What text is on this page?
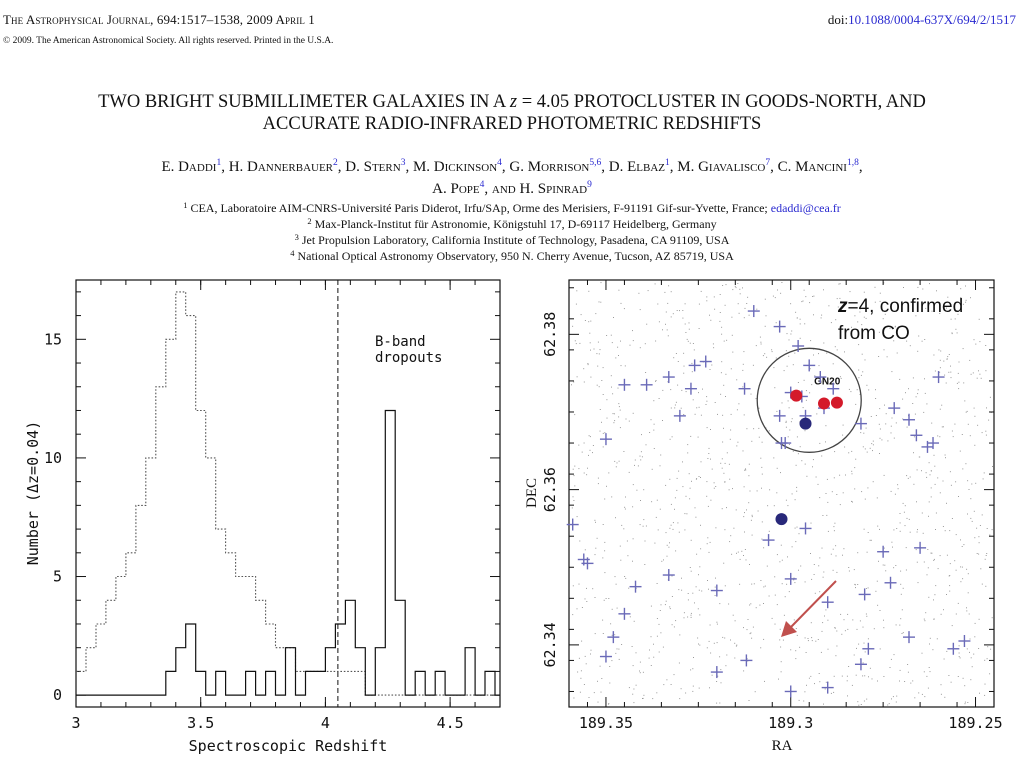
The Astrophysical Journal, 694:1517–1538, 2009 April 1
© 2009. The American Astronomical Society. All rights reserved. Printed in the U.S.A.
doi:10.1088/0004-637X/694/2/1517
TWO BRIGHT SUBMILLIMETER GALAXIES IN A z = 4.05 PROTOCLUSTER IN GOODS-NORTH, AND
ACCURATE RADIO-INFRARED PHOTOMETRIC REDSHIFTS
E. Daddi$^1$, H. Dannerbauer$^2$, D. Stern$^3$, M. Dickinson$^4$, G. Morrison$^{5,6}$, D. Elbaz$^1$, M. Giavalisco$^7$, C. Mancini$^{1,8}$,
A. Pope$^4$, and H. Spinrad$^9$
$^1$ CEA, Laboratoire AIM-CNRS-Université Paris Diderot, Irfu/SAp, Orme des Merisiers, F-91191 Gif-sur-Yvette, France; edaddi@cea.fr
$^2$ Max-Planck-Institut für Astronomie, Königstuhl 17, D-69117 Heidelberg, Germany
$^3$ Jet Propulsion Laboratory, California Institute of Technology, Pasadena, CA 91109, USA
$^4$ National Optical Astronomy Observatory, 950 N. Cherry Avenue, Tucson, AZ 85719, USA
B-band
dropouts
3	3.5	4	4.5
0
5
10
15
Spectroscopic Redshift
Number (Δz=0.04)
GN20
189.35	189.3	189.25
62.34
62.36
62.38
RA
DEC
z=4, confirmed
from CO
